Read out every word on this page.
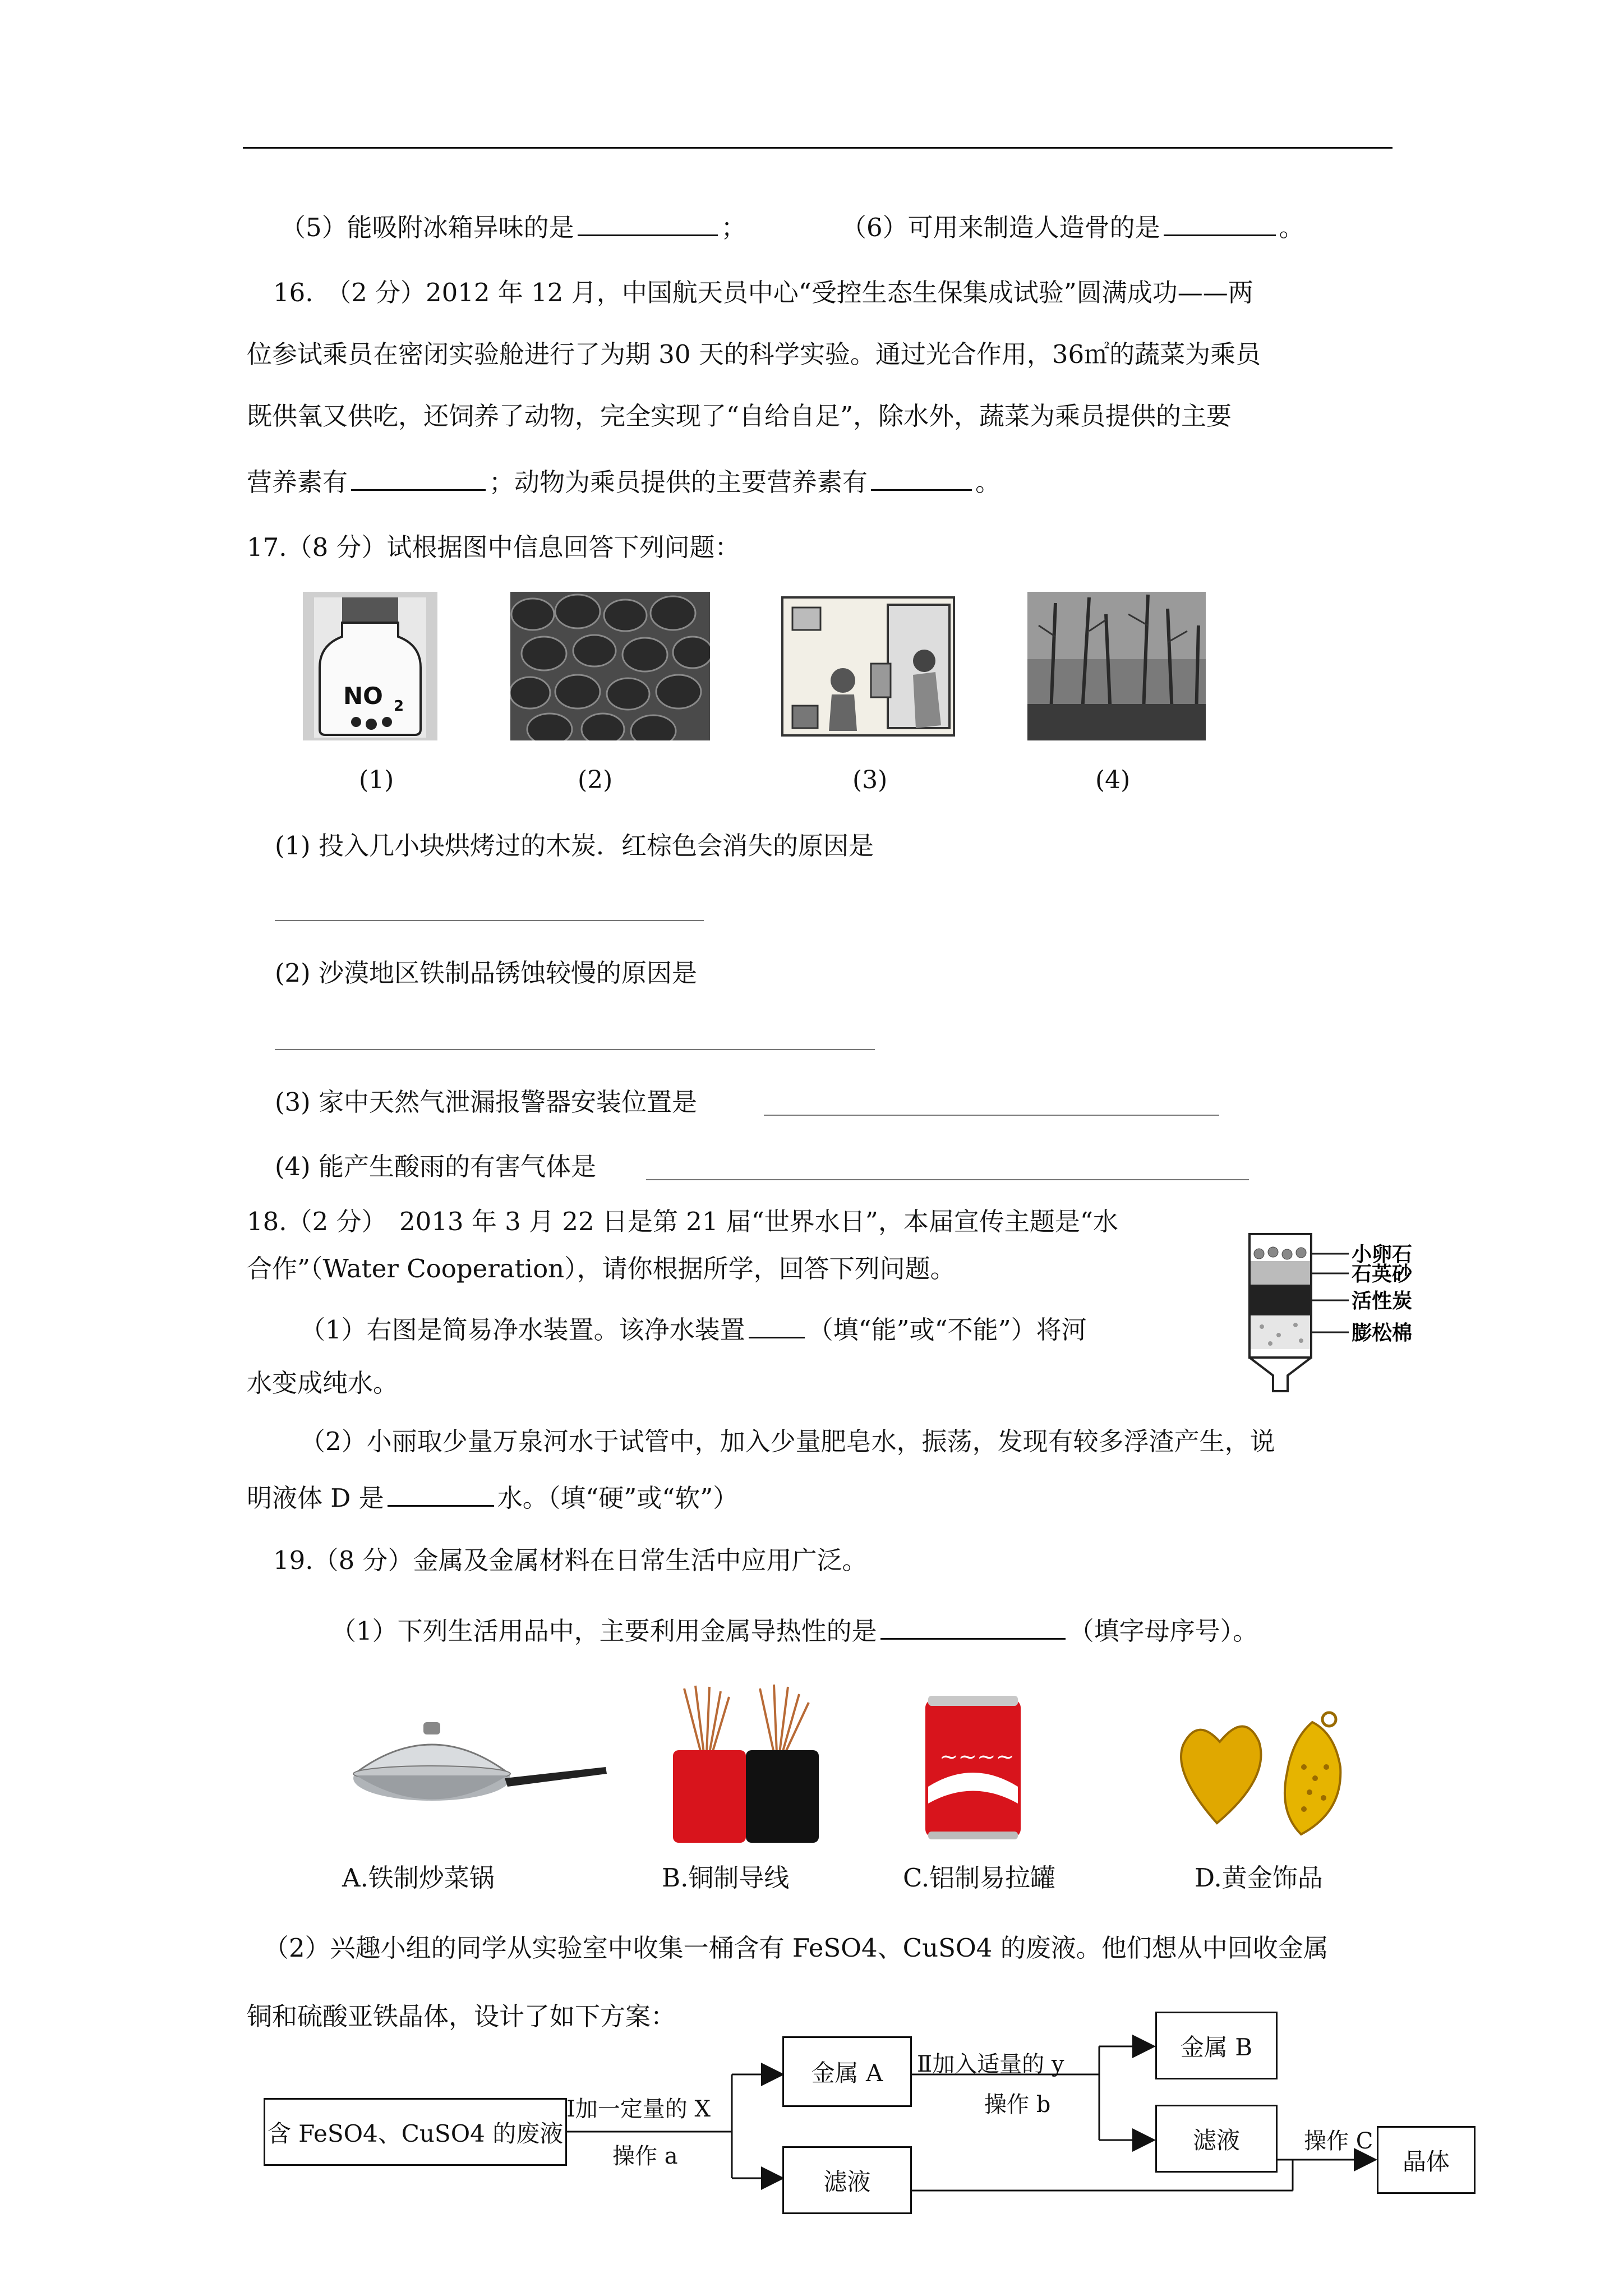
（5）能吸附冰箱异味的是	；	（6）可用来制造人造骨的是	。
16.　（2 分）2012 年 12 月，中国航天员中心“受控生态生保集成试验”圆满成功——两
位参试乘员在密闭实验舱进行了为期 30 天的科学实验。通过光合作用，36㎡的蔬菜为乘员
既供氧又供吃，还饲养了动物，完全实现了“自给自足”，除水外，蔬菜为乘员提供的主要
营养素有	；动物为乘员提供的主要营养素有	。
17.（8 分）试根据图中信息回答下列问题：
NO 2
(1)	(2)	(3)	(4)
(1) 投入几小块烘烤过的木炭．红棕色会消失的原因是
(2) 沙漠地区铁制品锈蚀较慢的原因是
(3) 家中天然气泄漏报警器安装位置是
(4) 能产生酸雨的有害气体是
18.（2 分）　2013 年 3 月 22 日是第 21 届“世界水日”，本届宣传主题是“水
合作”（Water Cooperation），请你根据所学，回答下列问题。
（1）右图是简易净水装置。该净水装置 （填“能”或“不能”）将河
水变成纯水。
（2）小丽取少量万泉河水于试管中，加入少量肥皂水，振荡，发现有较多浮渣产生，说
明液体 D 是	水。（填“硬”或“软”）
小卵石
石英砂
活性炭
膨松棉
19.（8 分）金属及金属材料在日常生活中应用广泛。
（1）下列生活用品中，主要利用金属导热性的是	（填字母序号）。
~~~~
A.铁制炒菜锅	B.铜制导线	C.铝制易拉罐	D.黄金饰品
（2）兴趣小组的同学从实验室中收集一桶含有 FeSO4、CuSO4 的废液。他们想从中回收金属
铜和硫酸亚铁晶体，设计了如下方案：
含 FeSO4、CuSO4 的废液
Ⅰ加一定量的 X
操作 a
金属 A
滤液
Ⅱ加入适量的 y
操作 b
金属 B
滤液	操作 C
晶体
